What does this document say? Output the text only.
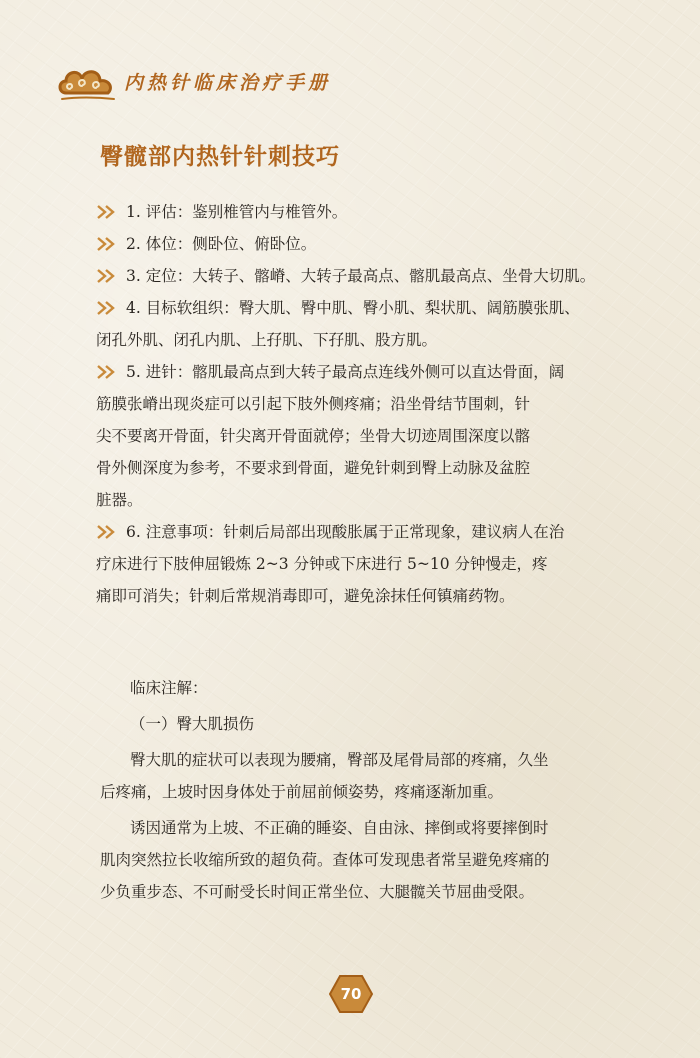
内热针临床治疗手册
臀髋部内热针针刺技巧

1. 评估：鉴别椎管内与椎管外。

2. 体位：侧卧位、俯卧位。

3. 定位：大转子、髂嵴、大转子最高点、髂肌最高点、坐骨大切肌。

4. 目标软组织：臀大肌、臀中肌、臀小肌、梨状肌、阔筋膜张肌、

闭孔外肌、闭孔内肌、上孖肌、下孖肌、股方肌。

5. 进针：髂肌最高点到大转子最高点连线外侧可以直达骨面，阔

筋膜张嵴出现炎症可以引起下肢外侧疼痛；沿坐骨结节围刺，针

尖不要离开骨面，针尖离开骨面就停；坐骨大切迹周围深度以髂

骨外侧深度为参考，不要求到骨面，避免针刺到臀上动脉及盆腔

脏器。

6. 注意事项：针刺后局部出现酸胀属于正常现象，建议病人在治

疗床进行下肢伸屈锻炼 2~3 分钟或下床进行 5~10 分钟慢走，疼

痛即可消失；针刺后常规消毒即可，避免涂抹任何镇痛药物。

临床注解：

（一）臀大肌损伤

臀大肌的症状可以表现为腰痛，臀部及尾骨局部的疼痛，久坐

后疼痛，上坡时因身体处于前屈前倾姿势，疼痛逐渐加重。

诱因通常为上坡、不正确的睡姿、自由泳、摔倒或将要摔倒时

肌肉突然拉长收缩所致的超负荷。查体可发现患者常呈避免疼痛的

少负重步态、不可耐受长时间正常坐位、大腿髋关节屈曲受限。

70
